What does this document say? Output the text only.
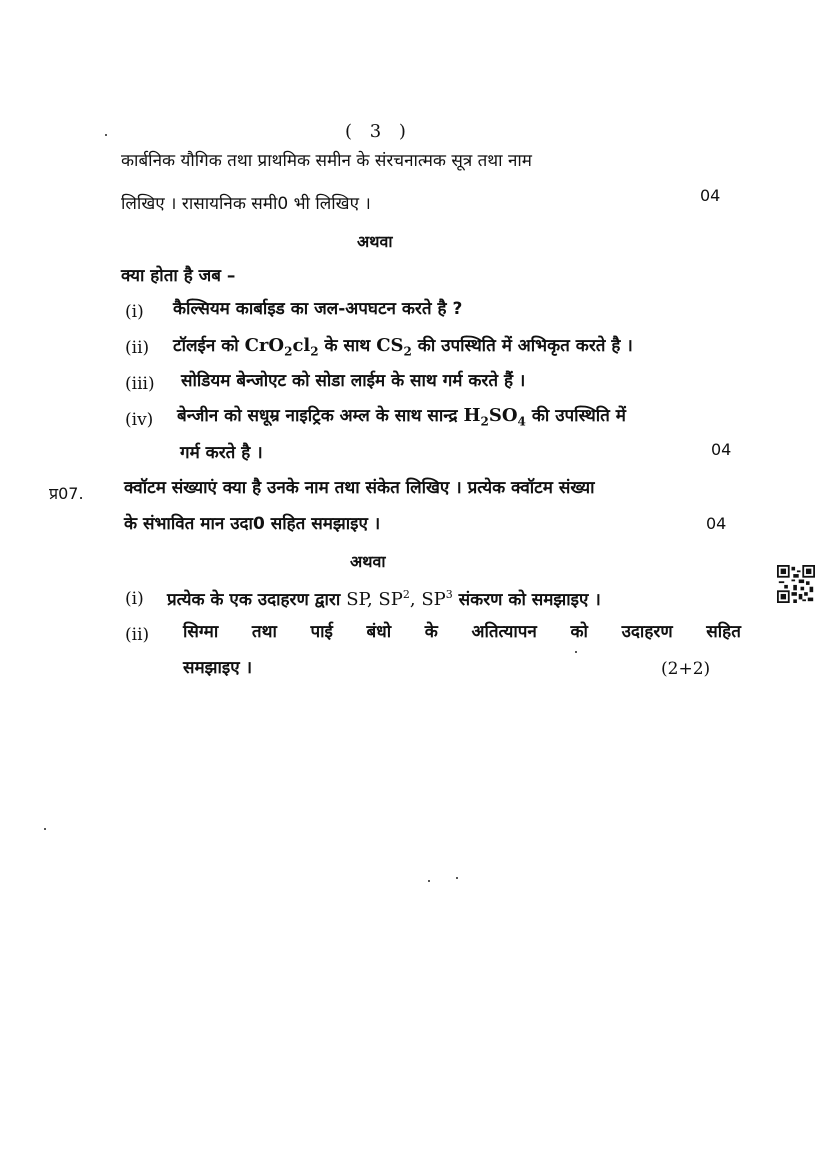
( 3 )
कार्बनिक यौगिक तथा प्राथमिक समीन के संरचनात्मक सूत्र तथा नाम
लिखिए । रासायनिक समी0 भी लिखिए ।	04
अथवा
क्या होता है जब –
(i) कैल्सियम कार्बाइड का जल-अपघटन करते है ?
(ii) टॉलईन को $CrO_2cl_2$ के साथ $CS_2$ की उपस्थिति में अभिकृत करते है ।
(iii) सोडियम बेन्जोएट को सोडा लाईम के साथ गर्म करते हैं ।
(iv) बेन्जीन को सधूम्र नाइट्रिक अम्ल के साथ सान्द्र $H_2SO_4$ की उपस्थिति में
गर्म करते है ।	04
प्र07. क्वॉटम संख्याएं क्या है उनके नाम तथा संकेत लिखिए । प्रत्येक क्वॉटम संख्या
के संभावित मान उदा0 सहित समझाइए ।	04
अथवा
(i) प्रत्येक के एक उदाहरण द्वारा SP, $SP^2$, $SP^3$ संकरण को समझाइए ।
(ii) सिग्मा तथा पाई बंधो के अतित्यापन को उदाहरण सहित
समझाइए ।	(2+2)
